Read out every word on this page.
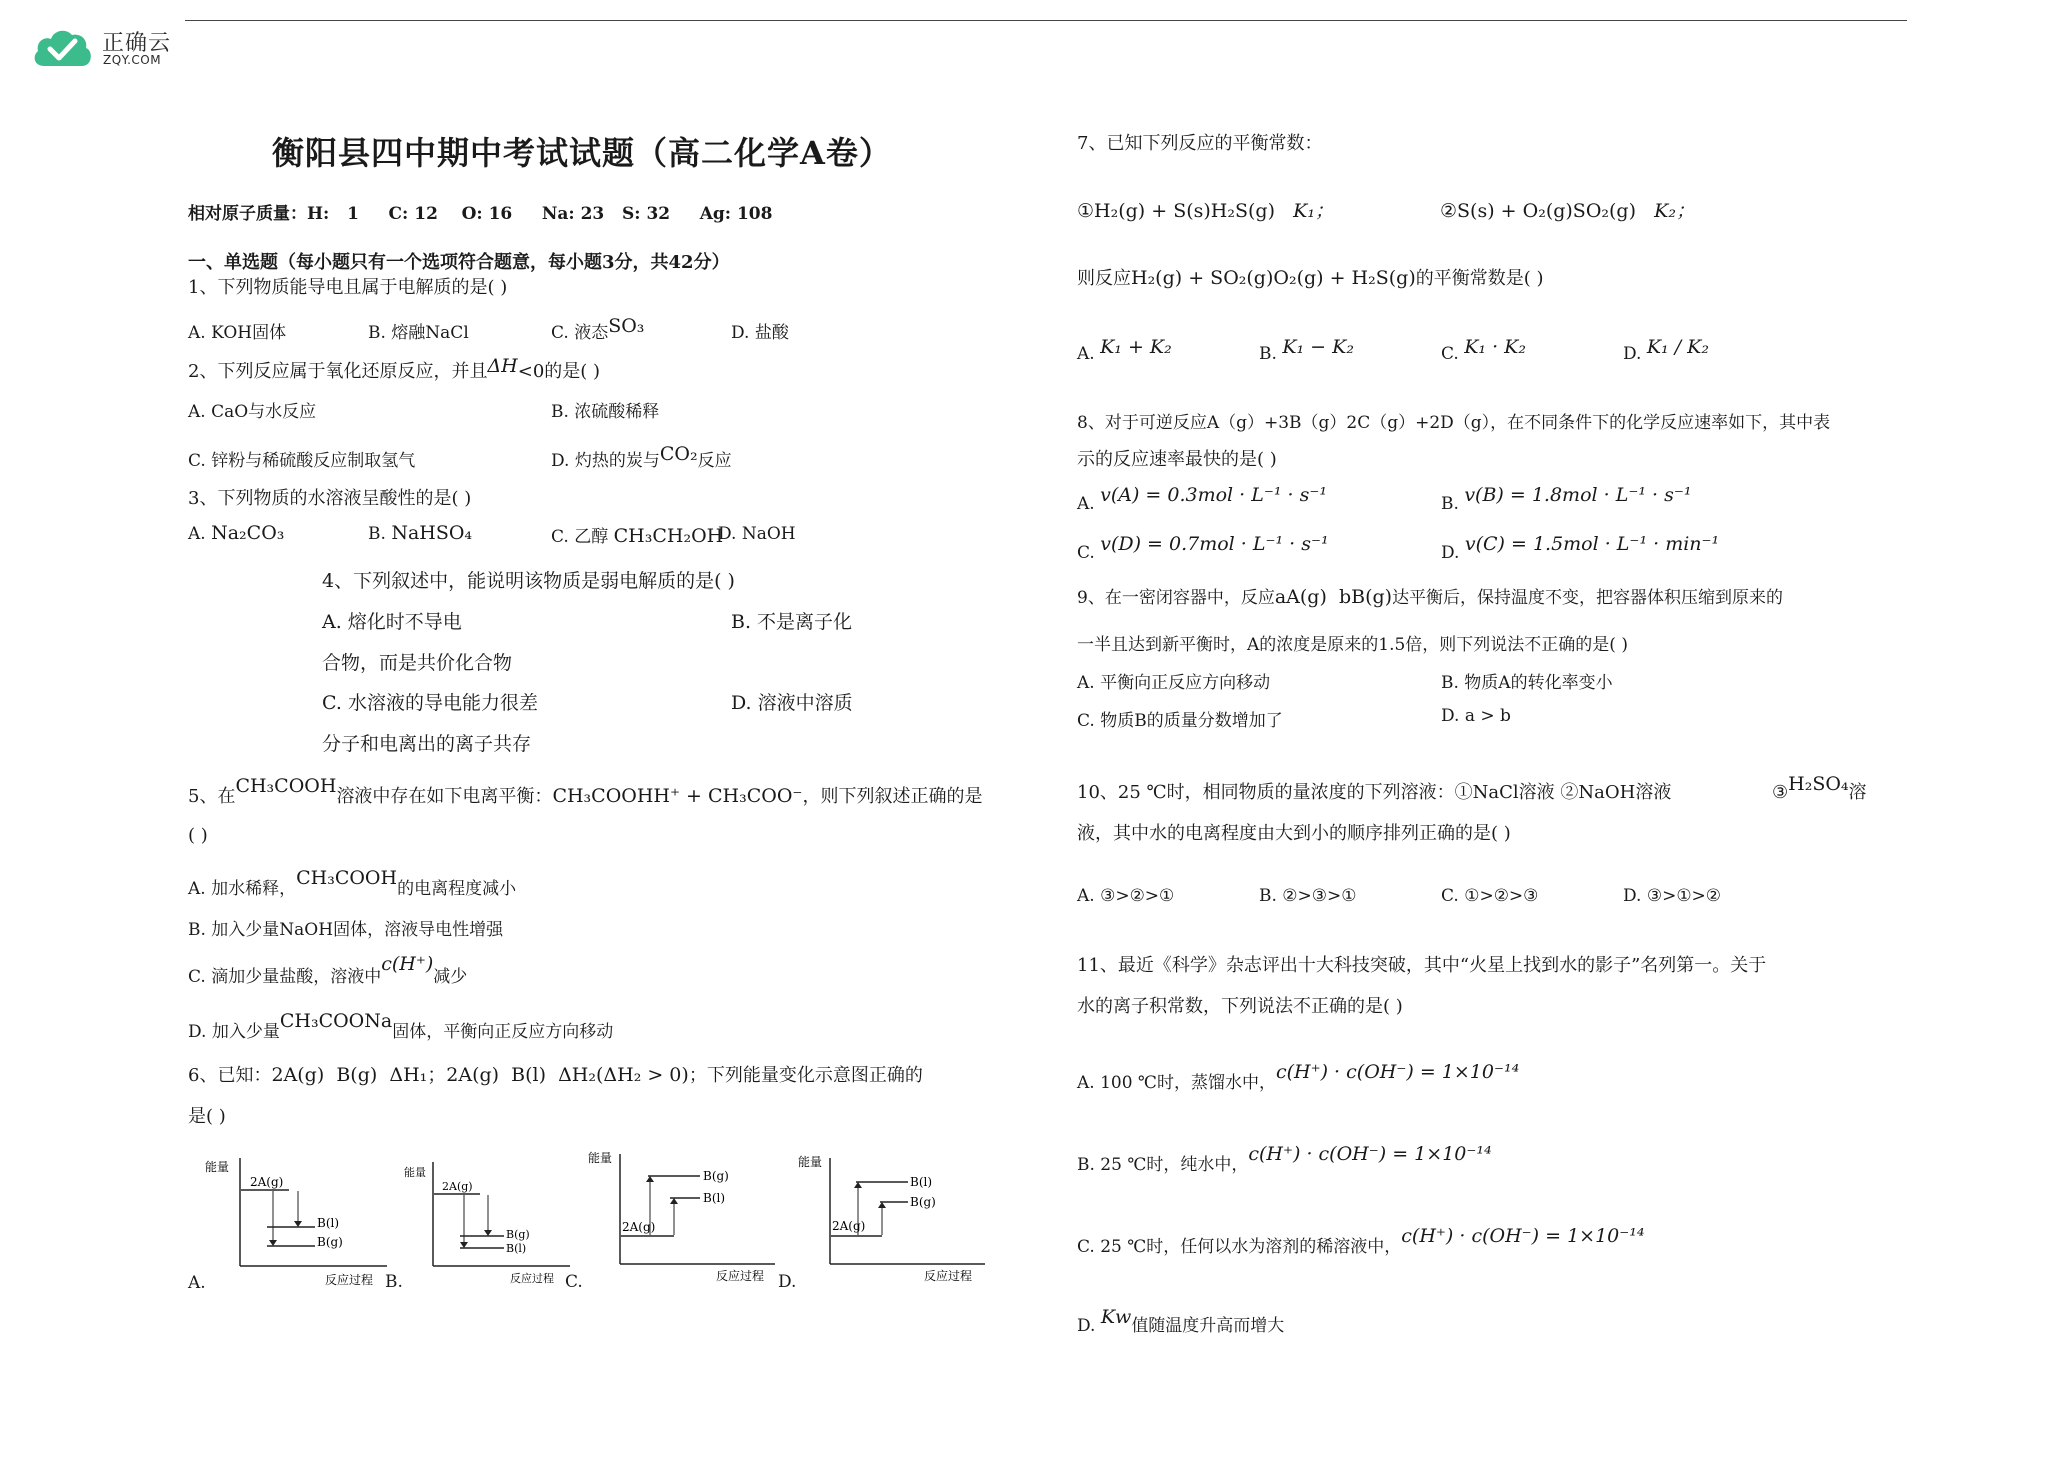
正确云
ZQY.COM
衡阳县四中期中考试试题（高二化学A卷）
相对原子质量：H:   1     C: 12    O: 16     Na: 23   S: 32     Ag: 108
一、单选题（每小题只有一个选项符合题意，每小题3分，共42分）
1、下列物质能导电且属于电解质的是( )
A. KOH固体	B. 熔融NaCl	C. 液态SO₃	D. 盐酸
2、下列反应属于氧化还原反应，并且ΔH<0的是( )
A. CaO与水反应	B. 浓硫酸稀释
C. 锌粉与稀硫酸反应制取氢气	D. 灼热的炭与CO₂反应
3、下列物质的水溶液呈酸性的是( )
A. Na₂CO₃	B. NaHSO₄	C. 乙醇 CH₃CH₂OH
D. NaOH
4、下列叙述中，能说明该物质是弱电解质的是( )
A. 熔化时不导电	B. 不是离子化
合物，而是共价化合物
C. 水溶液的导电能力很差	D. 溶液中溶质
分子和电离出的离子共存
5、在CH₃COOH溶液中存在如下电离平衡：CH₃COOHH⁺ + CH₃COO⁻，则下列叙述正确的是
( )
A. 加水稀释，CH₃COOH的电离程度减小
B. 加入少量NaOH固体，溶液导电性增强
C. 滴加少量盐酸，溶液中c(H⁺)减少
D. 加入少量CH₃COONa固体，平衡向正反应方向移动
6、已知：2A(g)  B(g)  ΔH₁；2A(g)  B(l)  ΔH₂(ΔH₂ > 0)；下列能量变化示意图正确的
是( )
能量
2A(g)
B(l)
B(g)
反应过程
A.
能量
2A(g)
B(g)
B(l)
反应过程
B.
能量
2A(g)
B(g)
B(l)
反应过程
C.
能量
2A(g)
B(l)
B(g)
反应过程
D.
7、已知下列反应的平衡常数：
①H₂(g) + S(s)H₂S(g) K₁；	②S(s) + O₂(g)SO₂(g) K₂；
则反应H₂(g) + SO₂(g)O₂(g) + H₂S(g)的平衡常数是( )
A. K₁ + K₂	B. K₁ − K₂	C. K₁ · K₂	D. K₁ / K₂
8、对于可逆反应A（g）+3B（g）2C（g）+2D（g），在不同条件下的化学反应速率如下，其中表
示的反应速率最快的是( )
A. v(A) = 0.3mol · L⁻¹ · s⁻¹	B. v(B) = 1.8mol · L⁻¹ · s⁻¹
C. v(D) = 0.7mol · L⁻¹ · s⁻¹	D. v(C) = 1.5mol · L⁻¹ · min⁻¹
9、在一密闭容器中，反应aA(g)  bB(g)达平衡后，保持温度不变，把容器体积压缩到原来的
一半且达到新平衡时，A的浓度是原来的1.5倍，则下列说法不正确的是( )
A. 平衡向正反应方向移动	B. 物质A的转化率变小
C. 物质B的质量分数增加了	D. a > b
10、25 ℃时，相同物质的量浓度的下列溶液：①NaCl溶液 ②NaOH溶液	③H₂SO₄溶
液，其中水的电离程度由大到小的顺序排列正确的是( )
A. ③>②>①	B. ②>③>①	C. ①>②>③	D. ③>①>②
11、最近《科学》杂志评出十大科技突破，其中“火星上找到水的影子”名列第一。关于
水的离子积常数，下列说法不正确的是( )
A. 100 ℃时，蒸馏水中，c(H⁺) · c(OH⁻) = 1×10⁻¹⁴
B. 25 ℃时，纯水中，c(H⁺) · c(OH⁻) = 1×10⁻¹⁴
C. 25 ℃时，任何以水为溶剂的稀溶液中，c(H⁺) · c(OH⁻) = 1×10⁻¹⁴
D. Kw值随温度升高而增大
